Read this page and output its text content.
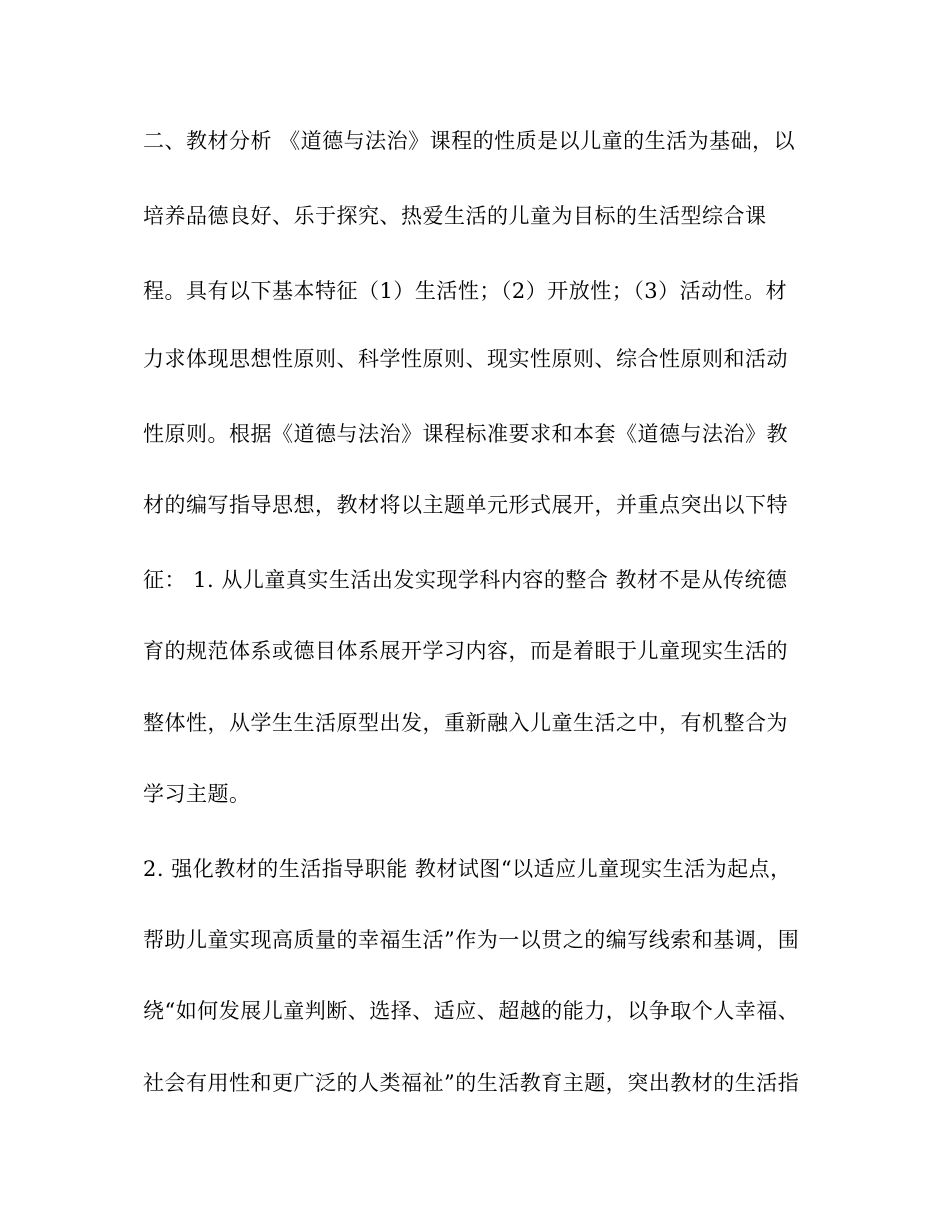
二、教材分析 《道德与法治》课程的性质是以儿童的生活为基础，以
培养品德良好、乐于探究、热爱生活的儿童为目标的生活型综合课
程。具有以下基本特征（1）生活性；（2）开放性；（3）活动性。材
力求体现思想性原则、科学性原则、现实性原则、综合性原则和活动
性原则。根据《道德与法治》课程标准要求和本套《道德与法治》教
材的编写指导思想，教材将以主题单元形式展开，并重点突出以下特
征： 1. 从儿童真实生活出发实现学科内容的整合 教材不是从传统德
育的规范体系或德目体系展开学习内容，而是着眼于儿童现实生活的
整体性，从学生生活原型出发，重新融入儿童生活之中，有机整合为
学习主题。
2. 强化教材的生活指导职能 教材试图“以适应儿童现实生活为起点，
帮助儿童实现高质量的幸福生活”作为一以贯之的编写线索和基调，围
绕“如何发展儿童判断、选择、适应、超越的能力，以争取个人幸福、
社会有用性和更广泛的人类福祉”的生活教育主题，突出教材的生活指
